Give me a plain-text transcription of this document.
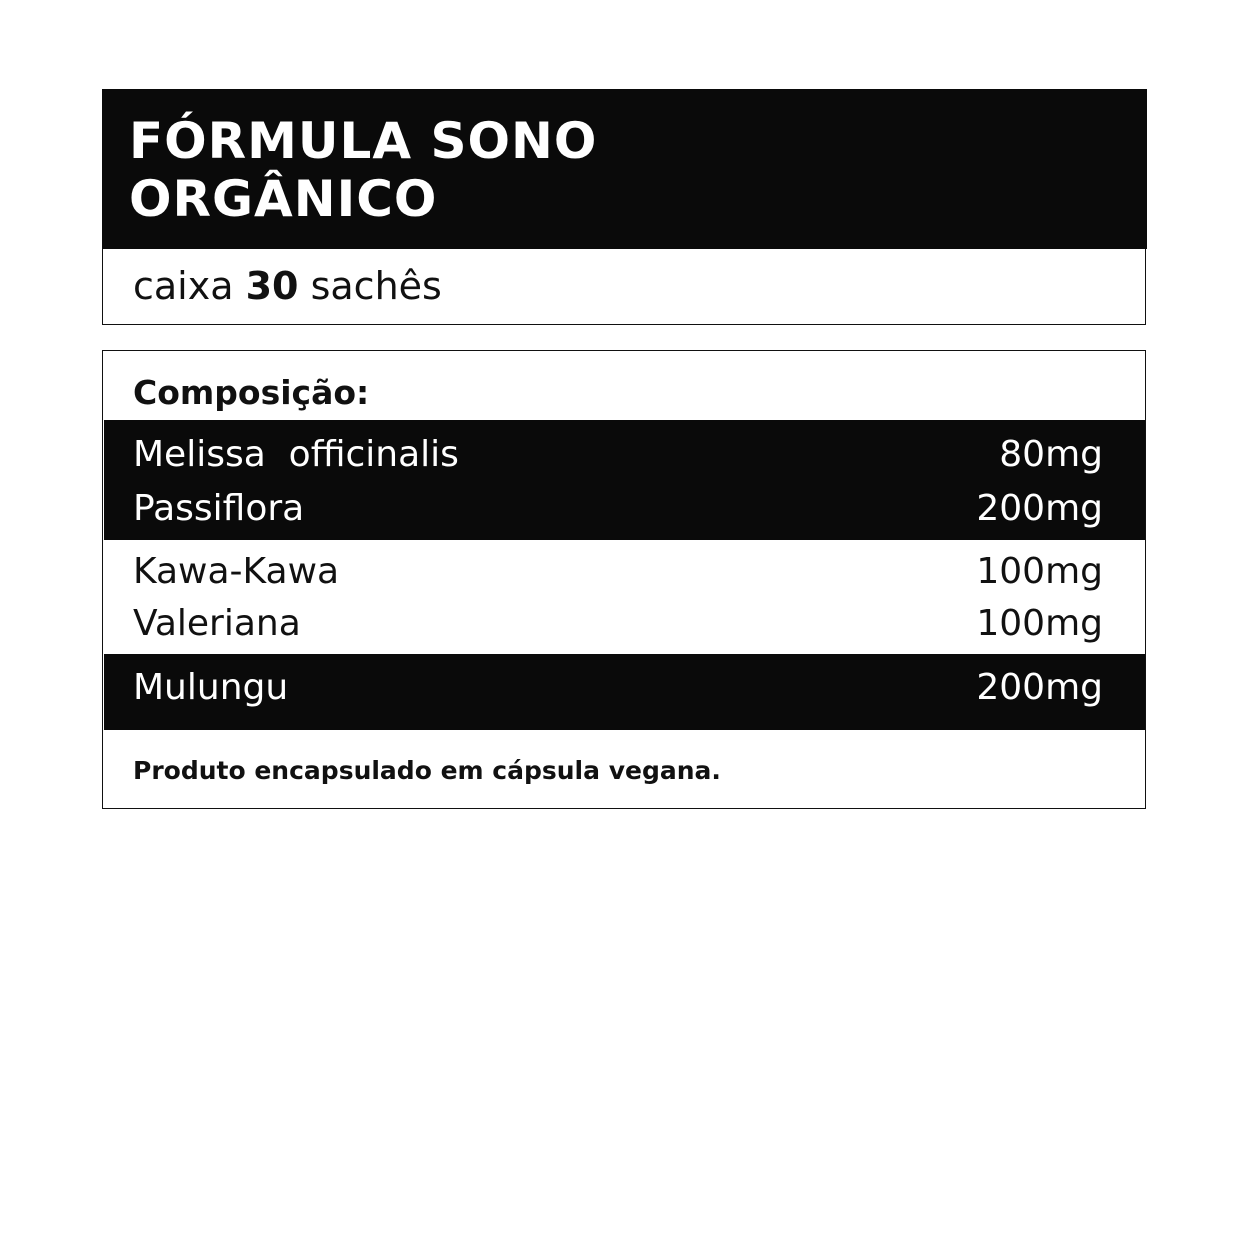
FÓRMULA SONO
ORGÂNICO
caixa 30 sachês
Composição:
Melissa  officinalis	80mg
Passiflora	200mg
Kawa-Kawa	100mg
Valeriana	100mg
Mulungu	200mg
Produto encapsulado em cápsula vegana.
